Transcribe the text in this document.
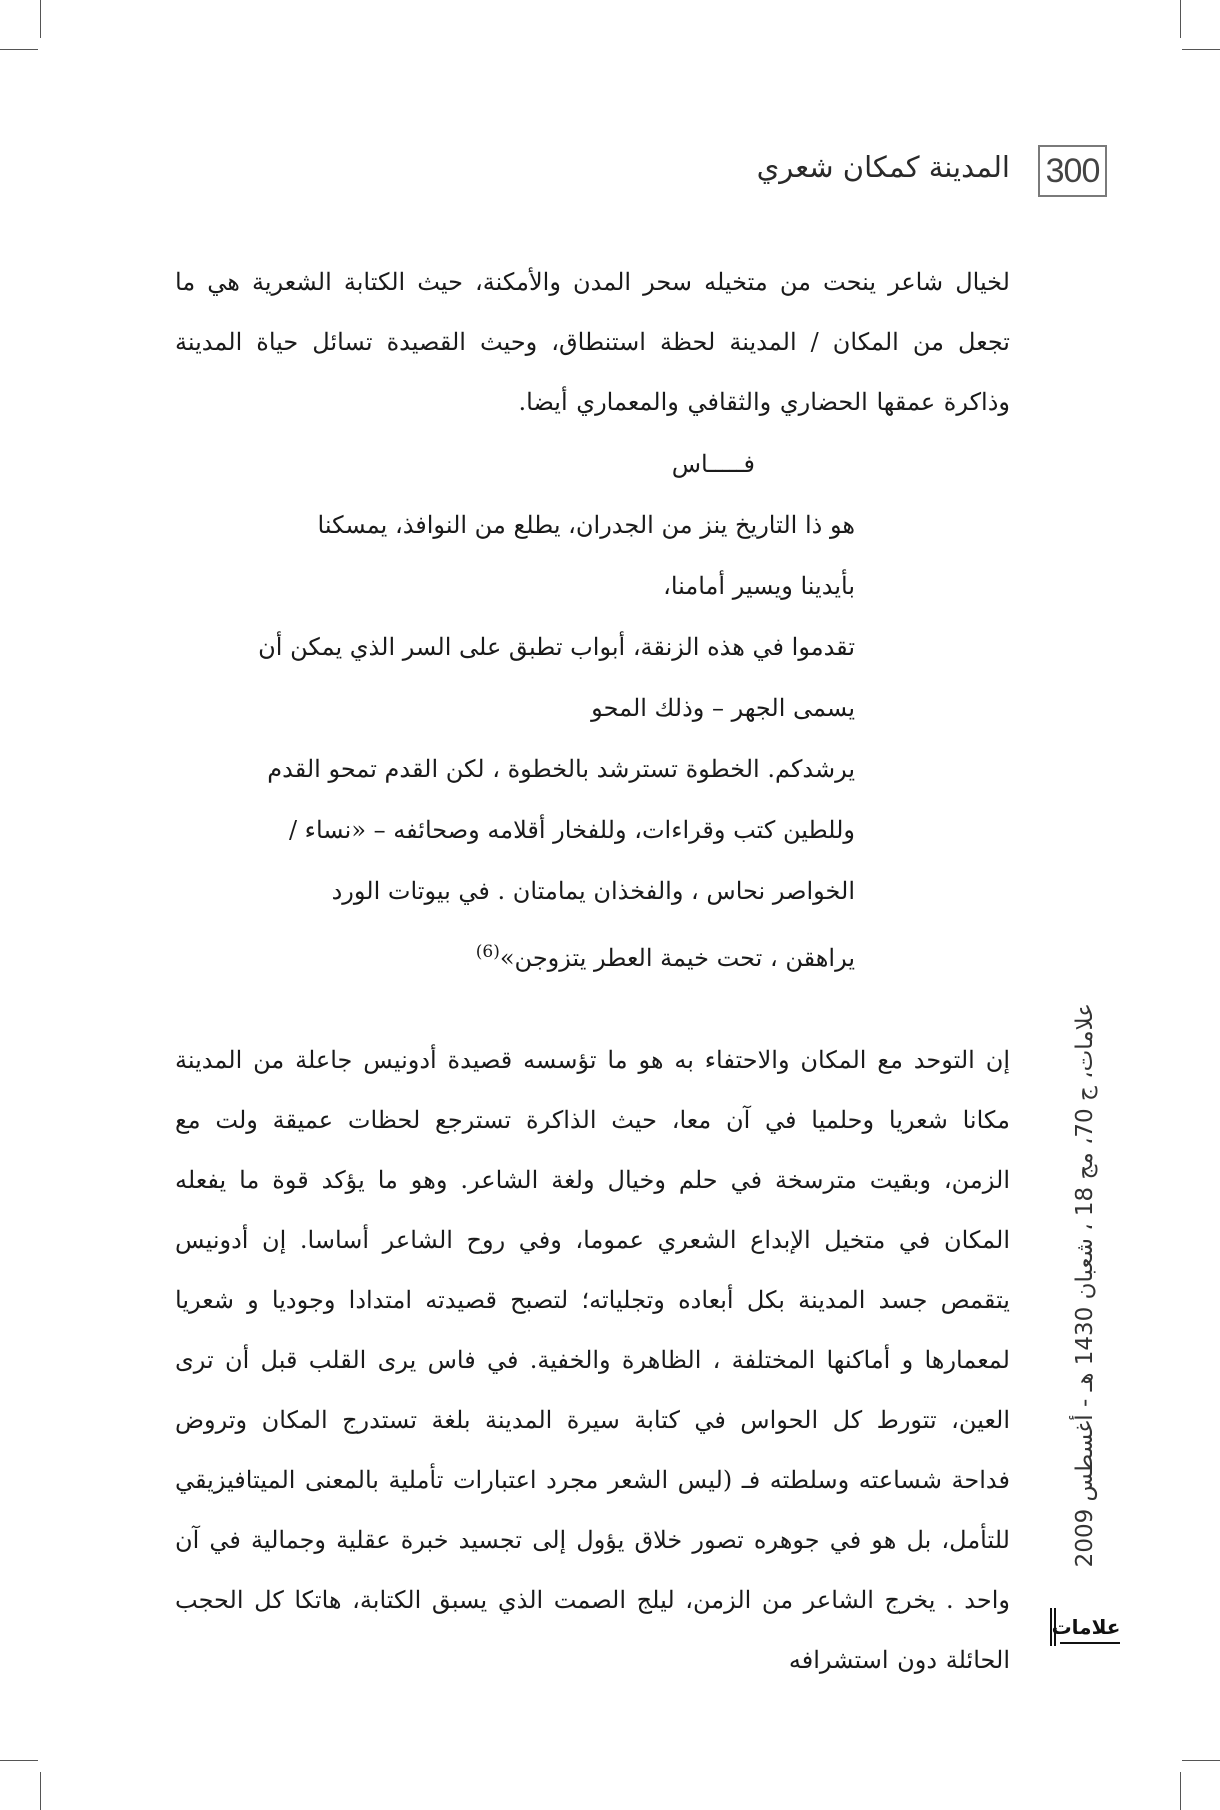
300
المدينة كمكان شعري

لخيال شاعر ينحت من متخيله سحر المدن والأمكنة، حيث الكتابة الشعرية هي ما تجعل من المكان / المدينة لحظة استنطاق، وحيث القصيدة تسائل حياة المدينة وذاكرة عمقها الحضاري والثقافي والمعماري أيضا.

فـــــاس
هو ذا التاريخ ينز من الجدران، يطلع من النوافذ، يمسكنا
بأيدينا ويسير أمامنا،
تقدموا في هذه الزنقة، أبواب تطبق على السر الذي يمكن أن
يسمى الجهر – وذلك المحو
يرشدكم. الخطوة تسترشد بالخطوة ، لكن القدم تمحو القدم
وللطين كتب وقراءات، وللفخار أقلامه وصحائفه – «نساء /
الخواصر نحاس ، والفخذان يمامتان . في بيوتات الورد
يراهقن ، تحت خيمة العطر يتزوجن»$^{(6)}$

إن التوحد مع المكان والاحتفاء به هو ما تؤسسه قصيدة أدونيس جاعلة من المدينة مكانا شعريا وحلميا في آن معا، حيث الذاكرة تسترجع لحظات عميقة ولت مع الزمن، وبقيت مترسخة في حلم وخيال ولغة الشاعر. وهو ما يؤكد قوة ما يفعله المكان في متخيل الإبداع الشعري عموما، وفي روح الشاعر أساسا. إن أدونيس يتقمص جسد المدينة بكل أبعاده وتجلياته؛ لتصبح قصيدته امتدادا وجوديا و شعريا لمعمارها و أماكنها المختلفة ، الظاهرة والخفية. في فاس يرى القلب قبل أن ترى العين، تتورط كل الحواس في كتابة سيرة المدينة بلغة تستدرج المكان وتروض فداحة شساعته وسلطته فـ (ليس الشعر مجرد اعتبارات تأملية بالمعنى الميتافيزيقي للتأمل، بل هو في جوهره تصور خلاق يؤول إلى تجسيد خبرة عقلية وجمالية في آن واحد . يخرج الشاعر من الزمن، ليلج الصمت الذي يسبق الكتابة، هاتكا كل الحجب الحائلة دون استشرافه

علامات، ج 70، مج 18 ، شعبان 1430 هـ - أغسطس 2009
علامات
